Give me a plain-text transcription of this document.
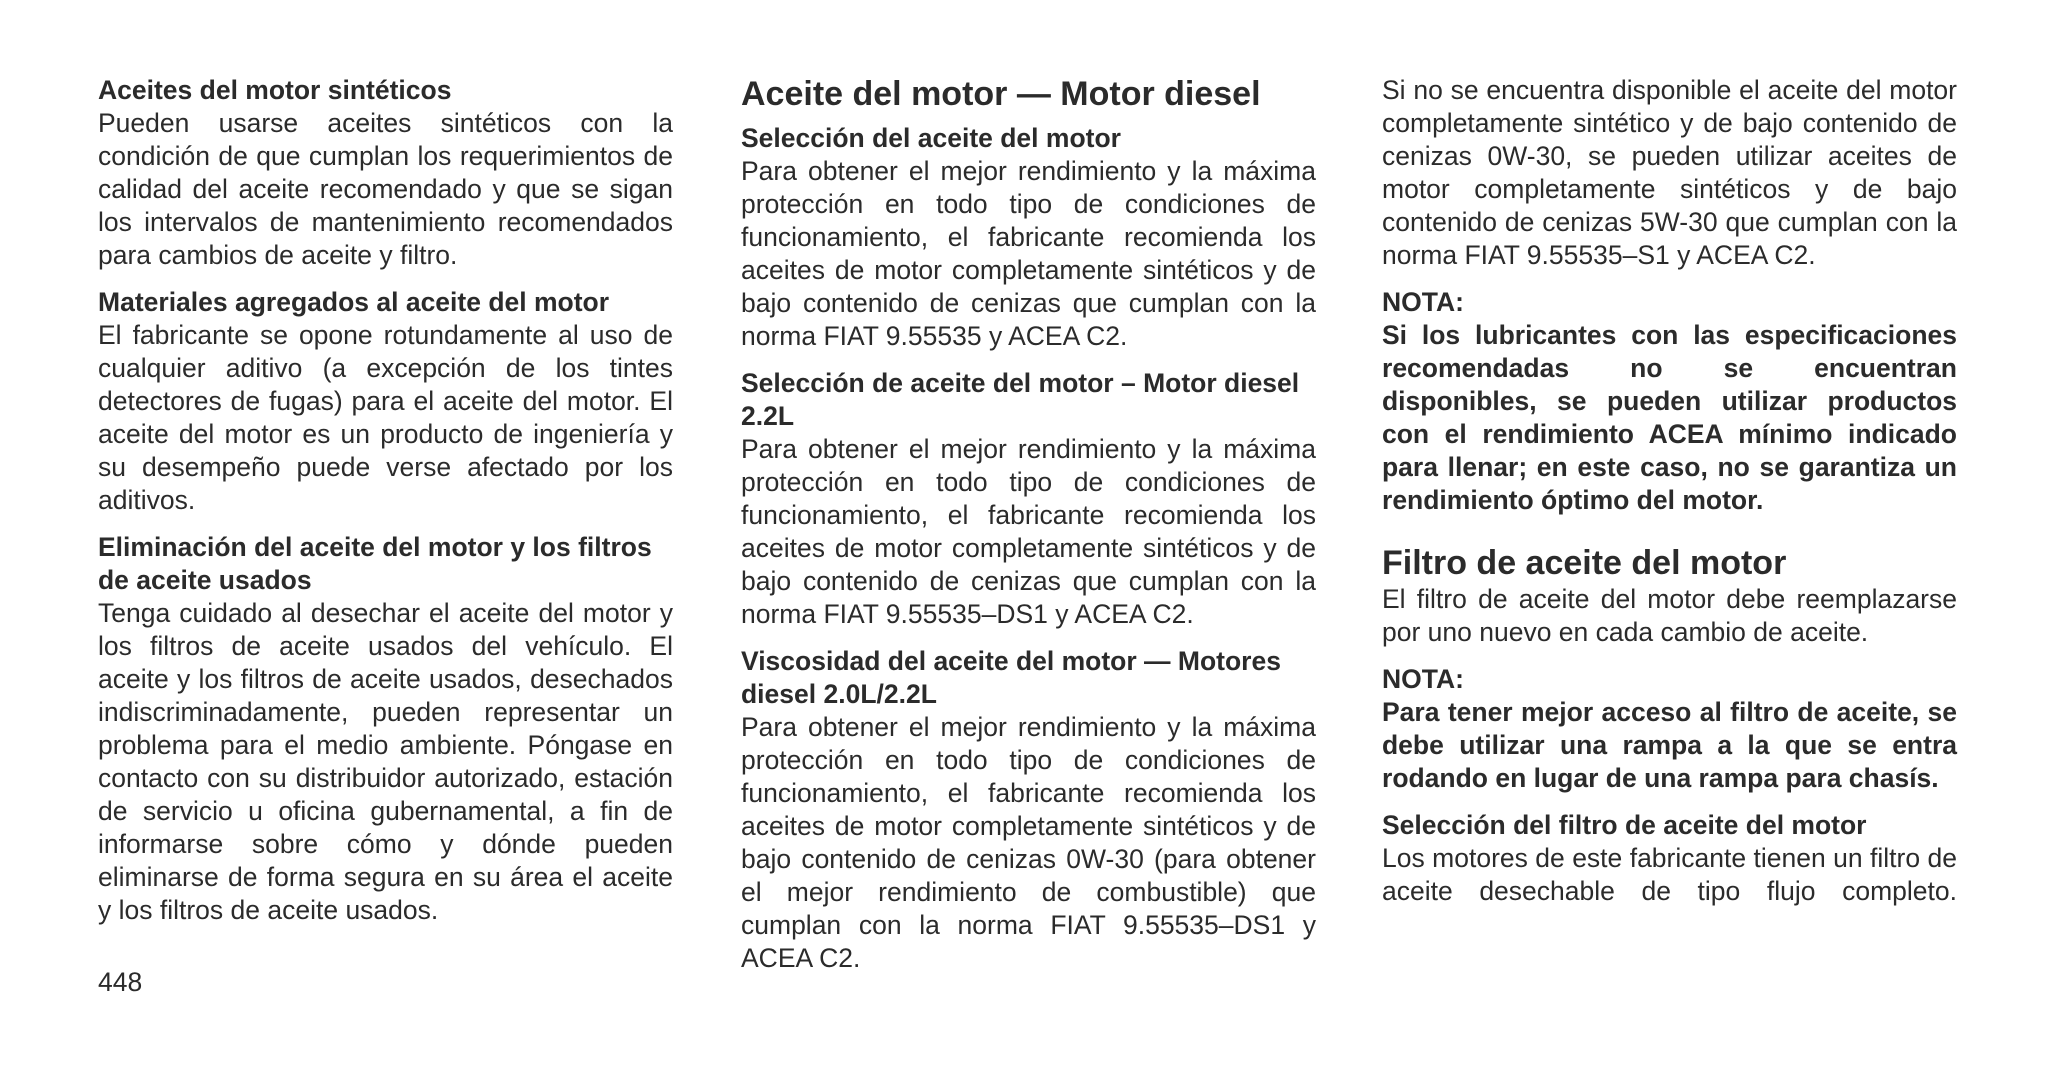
Aceites del motor sintéticos

Pueden usarse aceites sintéticos con la condición de que cumplan los requerimientos de calidad del aceite recomendado y que se sigan los intervalos de mantenimiento recomendados para cambios de aceite y filtro.

Materiales agregados al aceite del motor

El fabricante se opone rotundamente al uso de cualquier aditivo (a excepción de los tintes detectores de fugas) para el aceite del motor. El aceite del motor es un producto de ingeniería y su desempeño puede verse afectado por los aditivos.

Eliminación del aceite del motor y los filtros de aceite usados

Tenga cuidado al desechar el aceite del motor y los filtros de aceite usados del vehículo. El aceite y los filtros de aceite usados, desechados indiscriminadamente, pueden representar un problema para el medio ambiente. Póngase en contacto con su distribuidor autorizado, estación de servicio u oficina gubernamental, a fin de informarse sobre cómo y dónde pueden eliminarse de forma segura en su área el aceite y los filtros de aceite usados.

Aceite del motor — Motor diesel
Selección del aceite del motor

Para obtener el mejor rendimiento y la máxima protección en todo tipo de condiciones de funcionamiento, el fabricante recomienda los aceites de motor completamente sintéticos y de bajo contenido de cenizas que cumplan con la norma FIAT 9.55535 y ACEA C2.

Selección de aceite del motor – Motor diesel 2.2L

Para obtener el mejor rendimiento y la máxima protección en todo tipo de condiciones de funcionamiento, el fabricante recomienda los aceites de motor completamente sintéticos y de bajo contenido de cenizas que cumplan con la norma FIAT 9.55535–DS1 y ACEA C2.

Viscosidad del aceite del motor — Motores diesel 2.0L/2.2L

Para obtener el mejor rendimiento y la máxima protección en todo tipo de condiciones de funcionamiento, el fabricante recomienda los aceites de motor completamente sintéticos y de bajo contenido de cenizas 0W-30 (para obtener el mejor rendimiento de combustible) que cumplan con la norma FIAT 9.55535–DS1 y ACEA C2.

Si no se encuentra disponible el aceite del motor completamente sintético y de bajo contenido de cenizas 0W-30, se pueden utilizar aceites de motor completamente sintéticos y de bajo contenido de cenizas 5W-30 que cumplan con la norma FIAT 9.55535–S1 y ACEA C2.

NOTA:

Si los lubricantes con las especificaciones recomendadas no se encuentran disponibles, se pueden utilizar productos con el rendimiento ACEA mínimo indicado para llenar; en este caso, no se garantiza un rendimiento óptimo del motor.

Filtro de aceite del motor

El filtro de aceite del motor debe reemplazarse por uno nuevo en cada cambio de aceite.

NOTA:

Para tener mejor acceso al filtro de aceite, se debe utilizar una rampa a la que se entra rodando en lugar de una rampa para chasís.

Selección del filtro de aceite del motor

Los motores de este fabricante tienen un filtro de aceite desechable de tipo flujo completo.

448
